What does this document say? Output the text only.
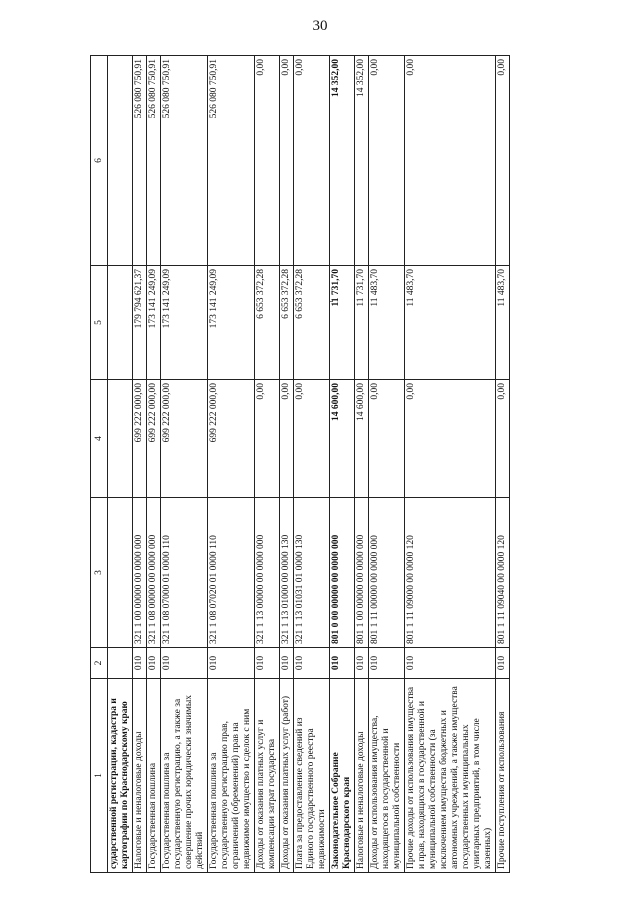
30
1	2	3	4	5	6
сударственной регистрации, кадастра и картографии по Краснодарскому краю					
Налоговые и неналоговые доходы	010	321 1 00 00000 00 0000 000	699 222 000,00	179 794 621,37	526 080 750,91
Государственная пошлина	010	321 1 08 00000 00 0000 000	699 222 000,00	173 141 249,09	526 080 750,91
Государственная пошлина за государственную регистрацию, а также за совершение прочих юридически значимых действий	010	321 1 08 07000 01 0000 110	699 222 000,00	173 141 249,09	526 080 750,91
Государственная пошлина за государственную регистрацию прав, ограничений (обременений) прав на недвижимое имущество и сделок с ним	010	321 1 08 07020 01 0000 110	699 222 000,00	173 141 249,09	526 080 750,91
Доходы от оказания платных услуг и компенсации затрат государства	010	321 1 13 00000 00 0000 000	0,00	6 653 372,28	0,00
Доходы от оказания платных услуг (работ)	010	321 1 13 01000 00 0000 130	0,00	6 653 372,28	0,00
Плата за предоставление сведений из Единого государственного реестра недвижимости	010	321 1 13 01031 01 0000 130	0,00	6 653 372,28	0,00
Законодательное Собрание Краснодарского края	010	801 0 00 00000 00 0000 000	14 600,00	11 731,70	14 352,00
Налоговые и неналоговые доходы	010	801 1 00 00000 00 0000 000	14 600,00	11 731,70	14 352,00
Доходы от использования имущества, находящегося в государственной и муниципальной собственности	010	801 1 11 00000 00 0000 000	0,00	11 483,70	0,00
Прочие доходы от использования имущества и прав, находящихся в государственной и муниципальной собственности (за исключением имущества бюджетных и автономных учреждений, а также имущества государственных и муниципальных унитарных предприятий, в том числе казенных)	010	801 1 11 09000 00 0000 120	0,00	11 483,70	0,00
Прочие поступления от использования	010	801 1 11 09040 00 0000 120	0,00	11 483,70	0,00
